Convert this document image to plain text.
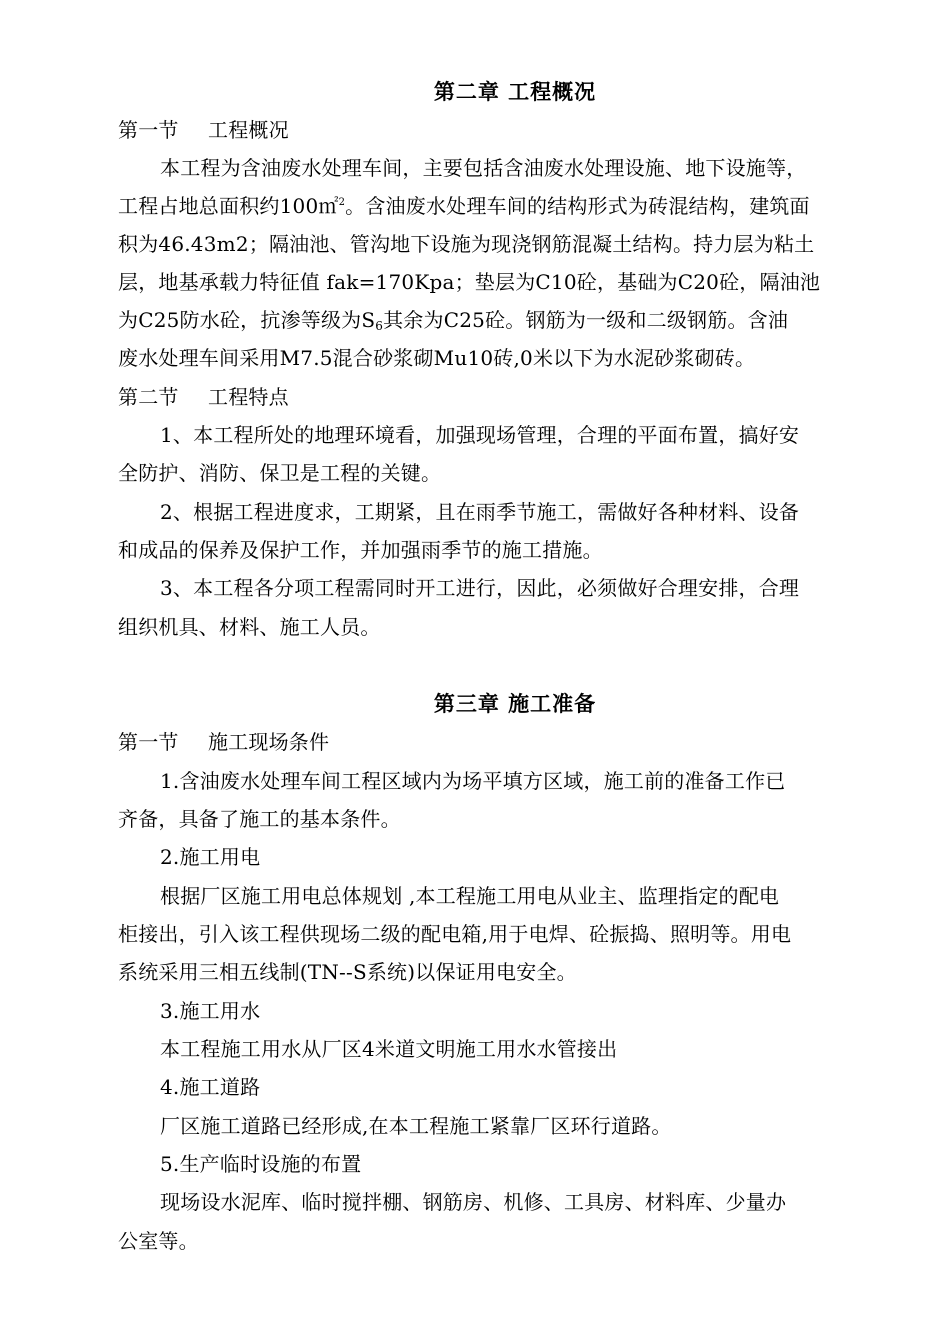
第二章 工程概况
第一节 工程概况
本工程为含油废水处理车间，主要包括含油废水处理设施、地下设施等，
工程占地总面积约100㎡$^2$。含油废水处理车间的结构形式为砖混结构，建筑面
积为46.43m2；隔油池、管沟地下设施为现浇钢筋混凝土结构。持力层为粘土
层，地基承载力特征值 fak=170Kpa；垫层为C10砼，基础为C20砼，隔油池
为C25防水砼，抗渗等级为$S_6$其余为C25砼。钢筋为一级和二级钢筋。含油
废水处理车间采用M7.5混合砂浆砌Mu10砖,0米以下为水泥砂浆砌砖。
第二节 工程特点
1、本工程所处的地理环境看，加强现场管理，合理的平面布置，搞好安
全防护、消防、保卫是工程的关键。
2、根据工程进度求，工期紧，且在雨季节施工，需做好各种材料、设备
和成品的保养及保护工作，并加强雨季节的施工措施。
3、本工程各分项工程需同时开工进行，因此，必须做好合理安排，合理
组织机具、材料、施工人员。
第三章 施工准备
第一节 施工现场条件
1.含油废水处理车间工程区域内为场平填方区域，施工前的准备工作已
齐备，具备了施工的基本条件。
2.施工用电
根据厂区施工用电总体规划 ,本工程施工用电从业主、监理指定的配电
柜接出，引入该工程供现场二级的配电箱,用于电焊、砼振捣、照明等。用电
系统采用三相五线制(TN--S系统)以保证用电安全。
3.施工用水
本工程施工用水从厂区4米道文明施工用水水管接出
4.施工道路
厂区施工道路已经形成,在本工程施工紧靠厂区环行道路。
5.生产临时设施的布置
现场设水泥库、临时搅拌棚、钢筋房、机修、工具房、材料库、少量办
公室等。
